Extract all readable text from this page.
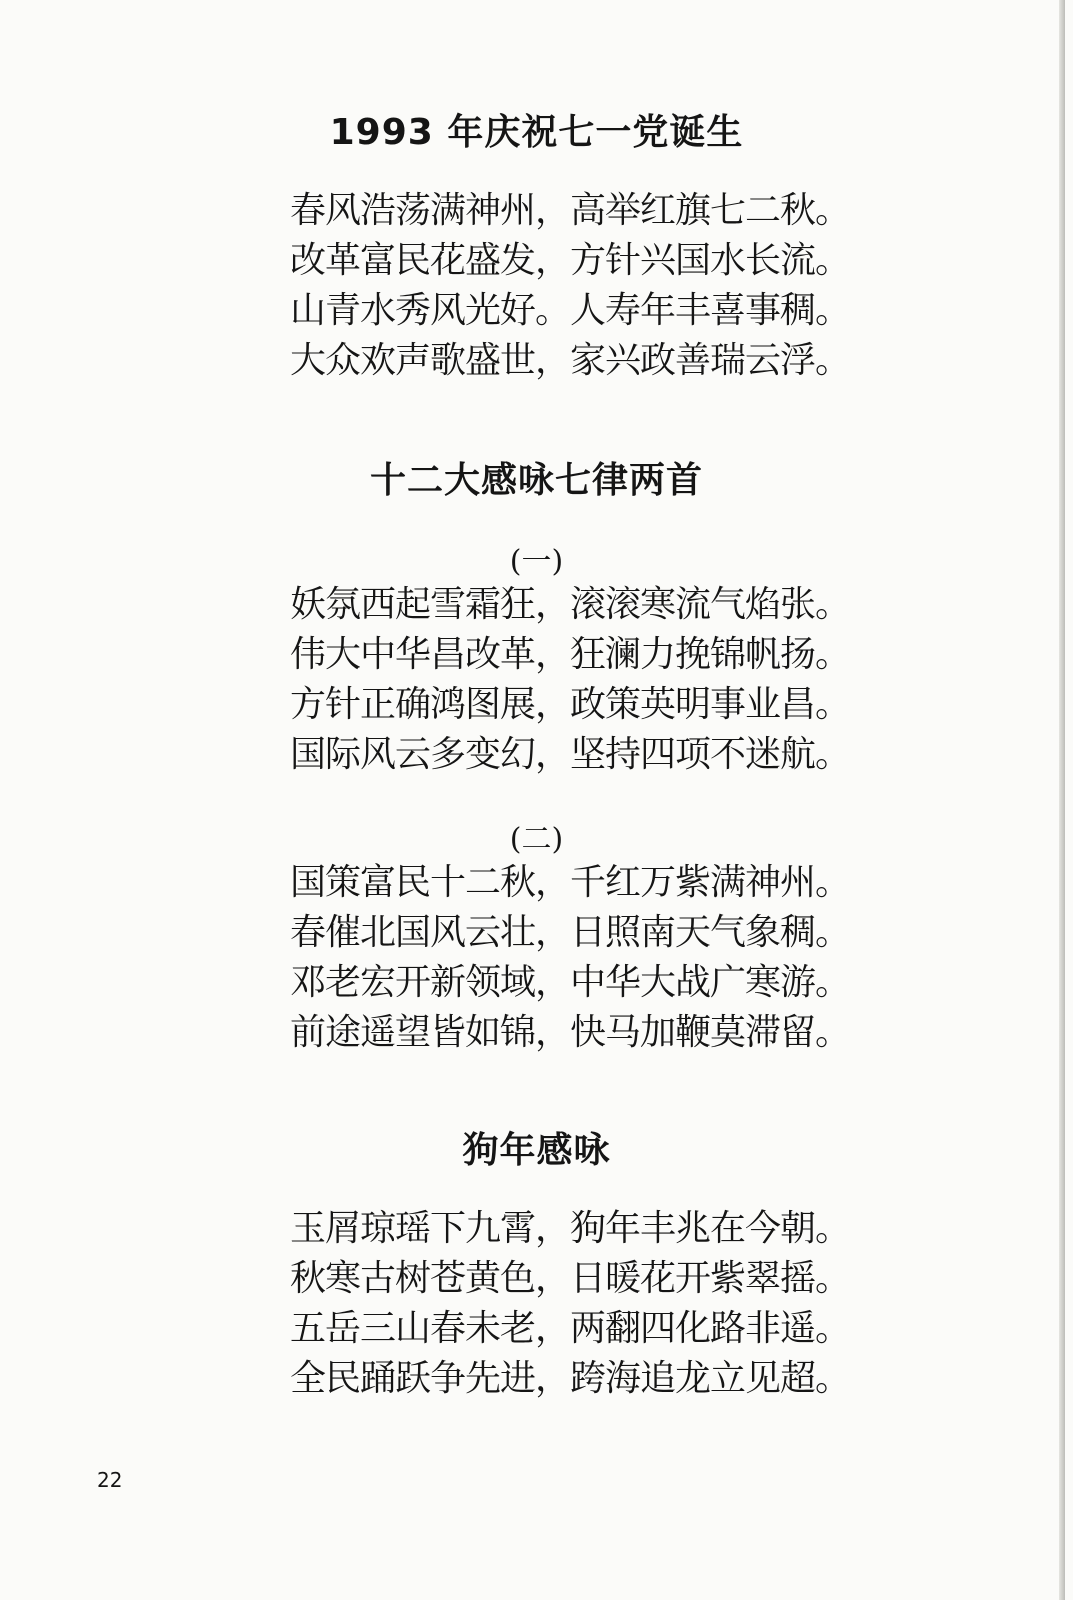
1993 年庆祝七一党诞生
春风浩荡满神州，高举红旗七二秋。
改革富民花盛发，方针兴国水长流。
山青水秀风光好。人寿年丰喜事稠。
大众欢声歌盛世，家兴政善瑞云浮。
十二大感咏七律两首
(一)
妖氛西起雪霜狂，滚滚寒流气焰张。
伟大中华昌改革，狂澜力挽锦帆扬。
方针正确鸿图展，政策英明事业昌。
国际风云多变幻，坚持四项不迷航。
(二)
国策富民十二秋，千红万紫满神州。
春催北国风云壮，日照南天气象稠。
邓老宏开新领域，中华大战广寒游。
前途遥望皆如锦，快马加鞭莫滞留。
狗年感咏
玉屑琼瑶下九霄，狗年丰兆在今朝。
秋寒古树苍黄色，日暖花开紫翠摇。
五岳三山春未老，两翻四化路非遥。
全民踊跃争先进，跨海追龙立见超。
22
